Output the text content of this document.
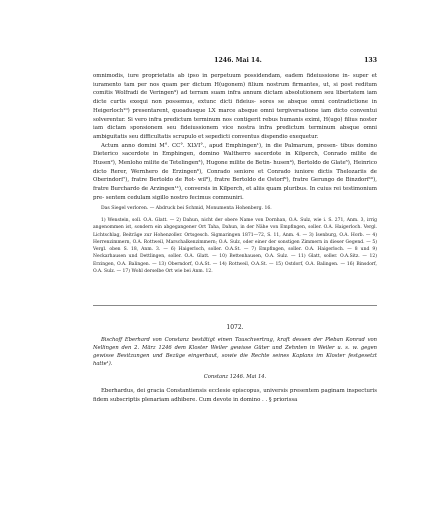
1246. Mai 14.	133

omnimodis, iure proprietatis ab ipso in perpetuum possidendam, eadem fideiussione in- super et iuramento tam per nos quam per dictum H(ugonem) filium nostrum firmantes, ut, si post reditum comitis Wolfradi de Veringen⁹) ad terram suam infra annum dictam absolutionem seu libertatem iam dicte curtis exequi non possemus, extunc dicti fideius- sores se absque omni contradictione in Heigerloch¹⁰) presentarent, quoadusque LX marce absque omni tergiversatione iam dicto conventui solverentur. Si vero infra predictum terminum nos contigerit rebus humanis eximi, H(ugo) filius noster iam dictam sponsionem seu fideiussionem vice nostra infra predictum terminum absque omni ambiguitatis seu difficultatis scrupulo et sepedicti conventus dispendio exequetur.

Actum anno domini M°. CC°. XLVI°., apud Emphingen¹), in die Palmarum, presen- tibus domino Dieterico sacerdote in Emphingen, domino Waltherro sacerdote in Kilperch, Conrado milite de Husen²), Menloho milite de Tetelingen³), Hugone milite de Betin- husen⁴), Bertoldo de Glate⁵), Heinrico dicto Rerer, Wernhero de Erzingen⁶), Conrado seniore et Conrado iuniore dictis Thelozariis de Oberindorf⁷), fratre Bertoldo de Rot- wil⁸), fratre Bertoldo de Ostorf⁹), fratre Gerungo de Binzdorf¹⁰), fratre Burchardo de Arzingen¹¹), conversis in Kilperch, et aliis quam pluribus. In cuius rei testimonium pre- sentem cedulam sigillo nostro fecimus communiri.

Das Siegel verloren. — Abdruck bei Schmid, Monumenta Hohenberg. 16.

1) Wenstein, soll. O.A. Glatt. — 2) Dahun, nicht der obere Name von Dornhan, O.A. Sulz, wie i. S. 271, Anm. 3, irrig angenommen ist, sondern ein abgegangener Ort Taha, Dahun, in der Nähe von Empfingen, soller. O.A. Haigerloch. Vergl. Lichtschlag, Beiträge zur Hohenzoller. Ortsgesch. Sigmaringen 1871—72, S. 11, Anm. 4. — 3) Isenburg, O.A. Horb. — 4) Herrenzimmern, O.A. Rottweil, Marschalkenzimmern; O.A. Sulz, oder einer der sonstigen Zimmern in dieser Gegend. — 5) Vergl. oben S. 18, Anm. 3. — 6) Haigerloch, soller. O.A.St. — 7) Empfingen, soller. O.A. Haigerloch. — 8 und 9) Neckarhausen und Dettlingen, soller. O.A. Glatt. — 10) Bettenhausen, O.A. Sulz. — 11) Glatt, soller. O.A.Sitz. — 12) Erzingen, O.A. Balingen. — 13) Oberndorf, O.A.St. — 14) Rottweil, O.A.St. — 15) Ostdorf, O.A. Balingen. — 16) Binsdorf, O.A. Sulz. — 17) Wohl derselbe Ort wie bei Anm. 12.

1072.

Bischoff Eberhard von Constanz bestätigt einen Tauschvertrag, kraft dessen der Pleban Konrad von Nellingen den 2. März 1246 dem Kloster Weiler gewisse Güter und Zehnten in Weiler u. s. w. gegen gewisse Besitzungen und Bezüge eingerbaut, sowie die Rechte seines Kaplans im Kloster festgesetzt hatte¹).

Constanz 1246. Mai 14.

Eberhardus, dei gracia Constantiensis ecclesie episcopus, universis presentem paginam inspecturis fidem subscriptis plenariam adhibere. Cum devote in domino . . § priorissa
